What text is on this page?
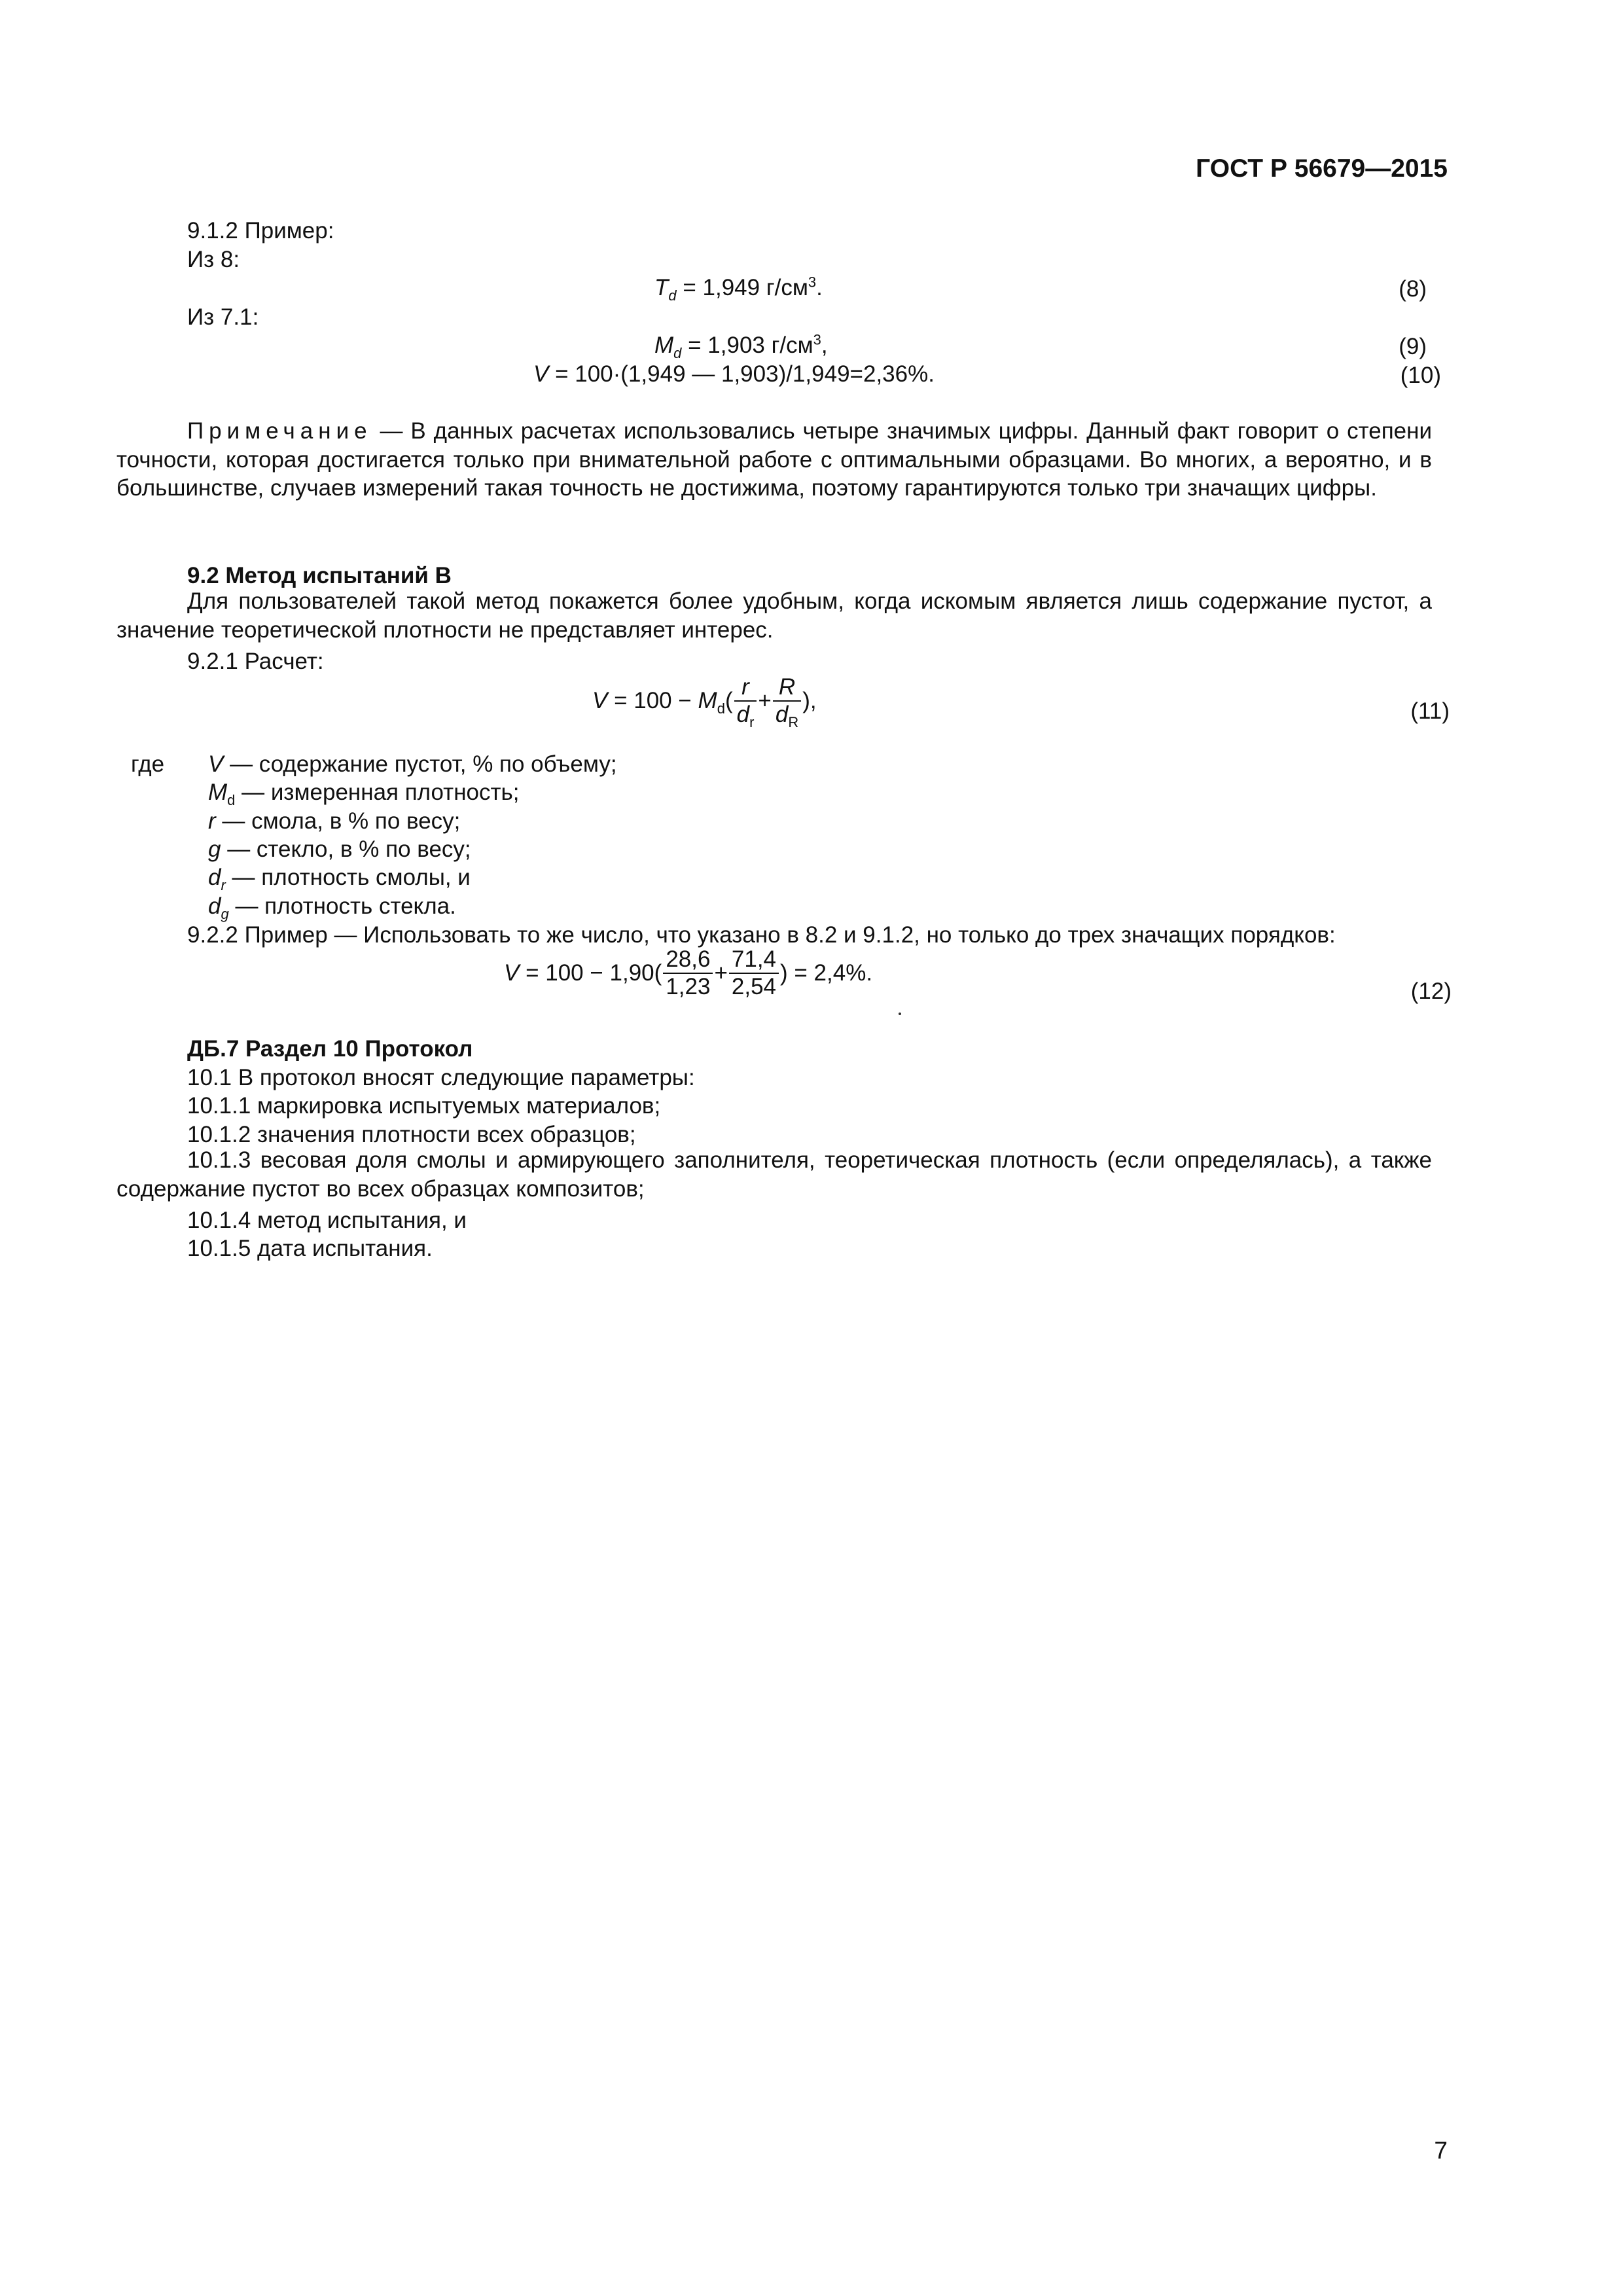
ГОСТ Р 56679—2015
9.1.2 Пример:
Из 8:
$T_d = 1,949$ $г/см^3$.	(8)
Из 7.1:
$M_d = 1,903$ $г/см^3$,	(9)
V = 100·(1,949 — 1,903)/1,949=2,36%.	(10)
Примечание — В данных расчетах использовались четыре значимых цифры. Данный факт говорит о степени точности, которая достигается только при внимательной работе с оптимальными образцами. Во многих, а вероятно, и в большинстве, случаев измерений такая точность не достижима, поэтому гарантируются только три значащих цифры.
9.2 Метод испытаний В
Для пользователей такой метод покажется более удобным, когда искомым является лишь содержание пустот, а значение теоретической плотности не представляет интерес.
9.2.1 Расчет:
$V = 100 - M_d( \frac{r}{d_r} + \frac{R}{d_R}$ ),	(11)
где V — содержание пустот, % по объему;
$M_d$ — измеренная плотность;
r — смола, в % по весу;
g — стекло, в % по весу;
$d_r$ — плотность смолы, и
$d_g$ — плотность стекла.
9.2.2 Пример — Использовать то же число, что указано в 8.2 и 9.1.2, но только до трех значащих порядков:
$V = 100 - 1,90( \frac{28,6}{1,23} + \frac{71,4}{2,54}$ ) = 2,4%.
(12)
ДБ.7 Раздел 10 Протокол
10.1 В протокол вносят следующие параметры:
10.1.1 маркировка испытуемых материалов;
10.1.2 значения плотности всех образцов;
10.1.3 весовая доля смолы и армирующего заполнителя, теоретическая плотность (если определялась), а также содержание пустот во всех образцах композитов;
10.1.4 метод испытания, и
10.1.5 дата испытания.
7
